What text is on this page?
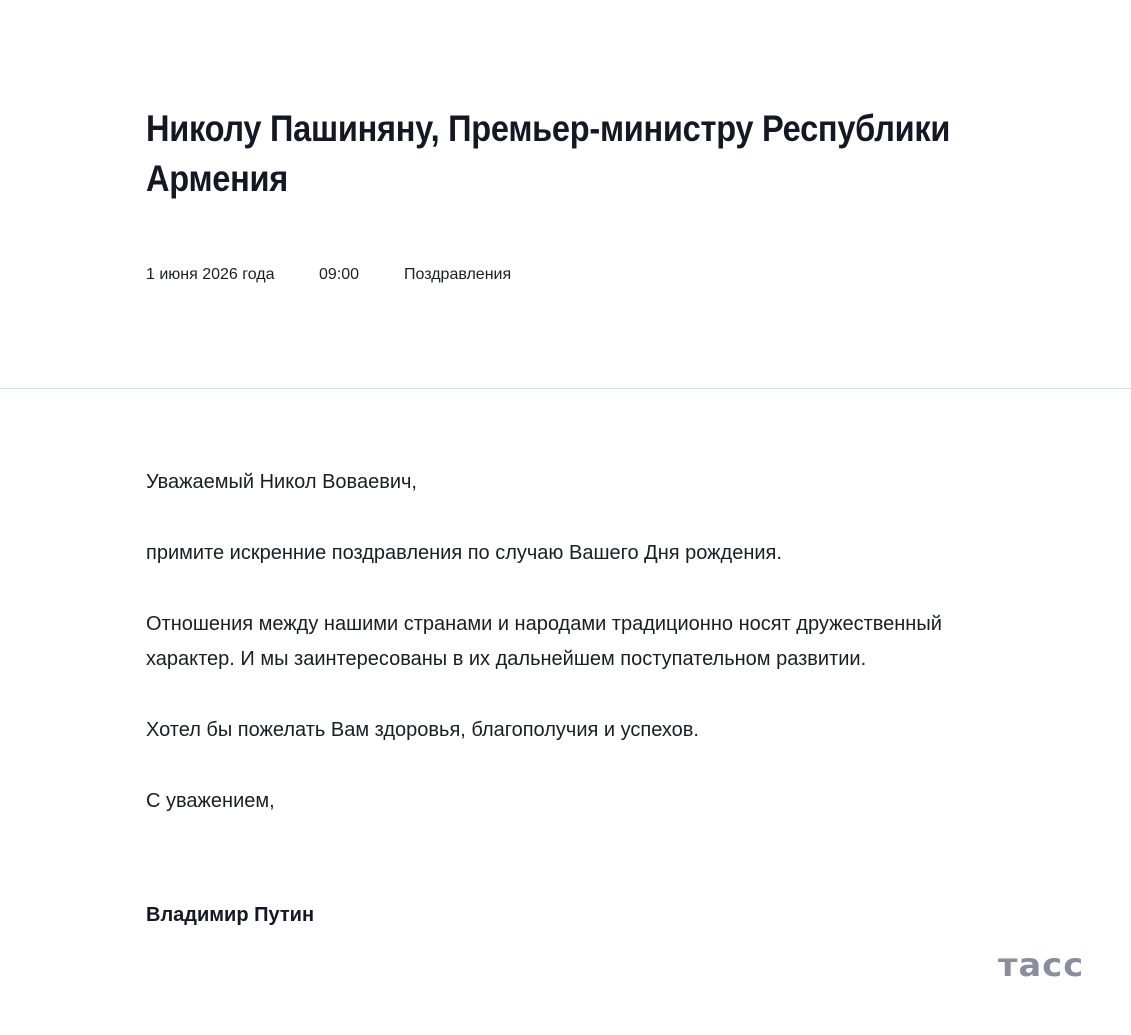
Николу Пашиняну, Премьер-министру Республики Армения
1 июня 2026 года	09:00	Поздравления

Уважаемый Никол Воваевич,

примите искренние поздравления по случаю Вашего Дня рождения.

Отношения между нашими странами и народами традиционно носят дружественный характер. И мы заинтересованы в их дальнейшем поступательном развитии.

Хотел бы пожелать Вам здоровья, благополучия и успехов.

С уважением,

Владимир Путин
тасс
